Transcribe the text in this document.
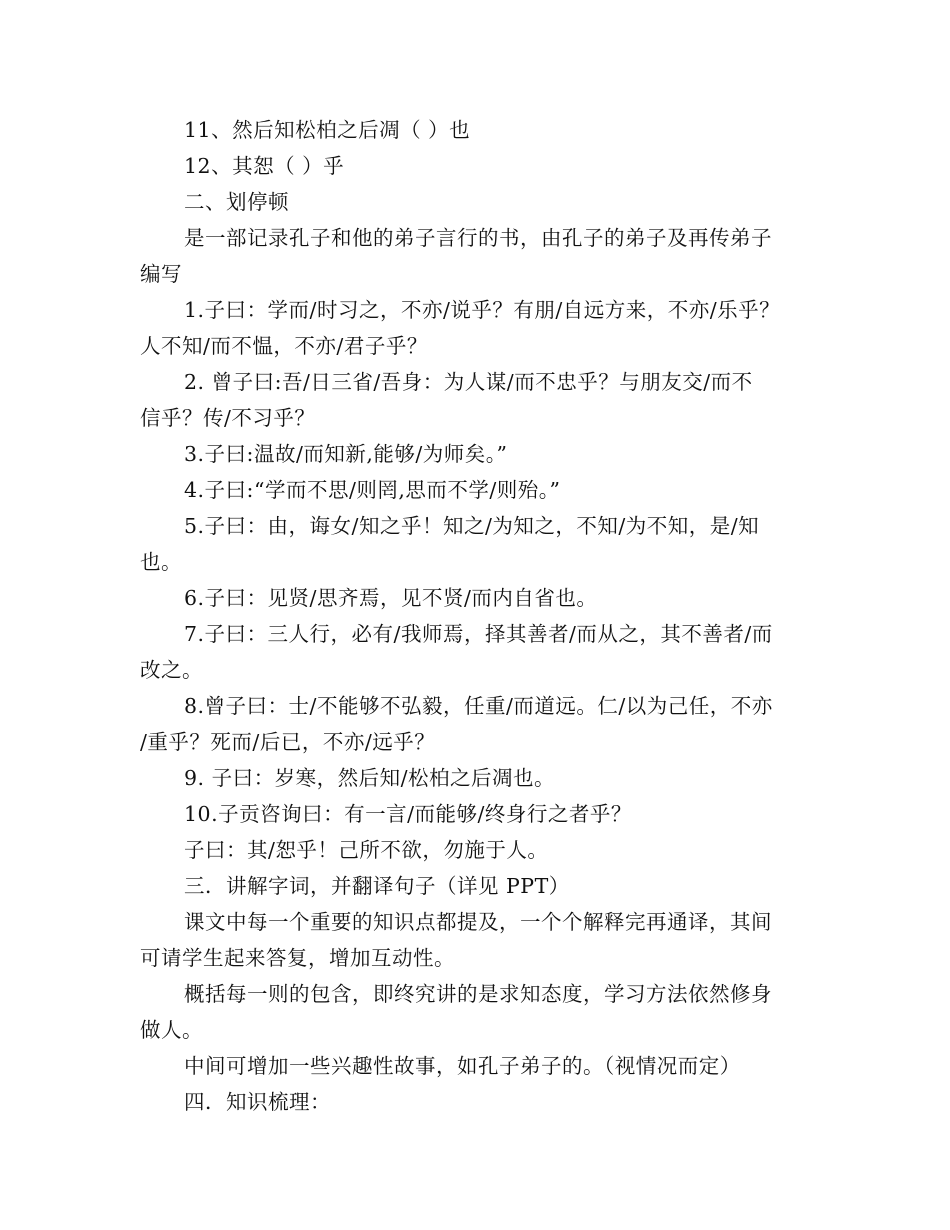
11、然后知松柏之后凋（ ）也
12、其恕（ ）乎
二、划停顿
是一部记录孔子和他的弟子言行的书，由孔子的弟子及再传弟子
编写
1.子曰：学而/时习之，不亦/说乎？有朋/自远方来，不亦/乐乎？
人不知/而不愠，不亦/君子乎？
2. 曾子曰:吾/日三省/吾身：为人谋/而不忠乎？与朋友交/而不
信乎？传/不习乎？
3.子曰:温故/而知新,能够/为师矣。”
4.子曰:“学而不思/则罔,思而不学/则殆。”
5.子曰：由，诲女/知之乎！知之/为知之，不知/为不知，是/知
也。
6.子曰：见贤/思齐焉，见不贤/而内自省也。
7.子曰：三人行，必有/我师焉，择其善者/而从之，其不善者/而
改之。
8.曾子曰：士/不能够不弘毅，任重/而道远。仁/以为己任，不亦
/重乎？死而/后已，不亦/远乎？
9. 子曰：岁寒，然后知/松柏之后凋也。
10.子贡咨询曰：有一言/而能够/终身行之者乎？
子曰：其/恕乎！己所不欲，勿施于人。
三．讲解字词，并翻译句子（详见 PPT）
课文中每一个重要的知识点都提及，一个个解释完再通译，其间
可请学生起来答复，增加互动性。
概括每一则的包含，即终究讲的是求知态度，学习方法依然修身
做人。
中间可增加一些兴趣性故事，如孔子弟子的。（视情况而定）
四．知识梳理：
